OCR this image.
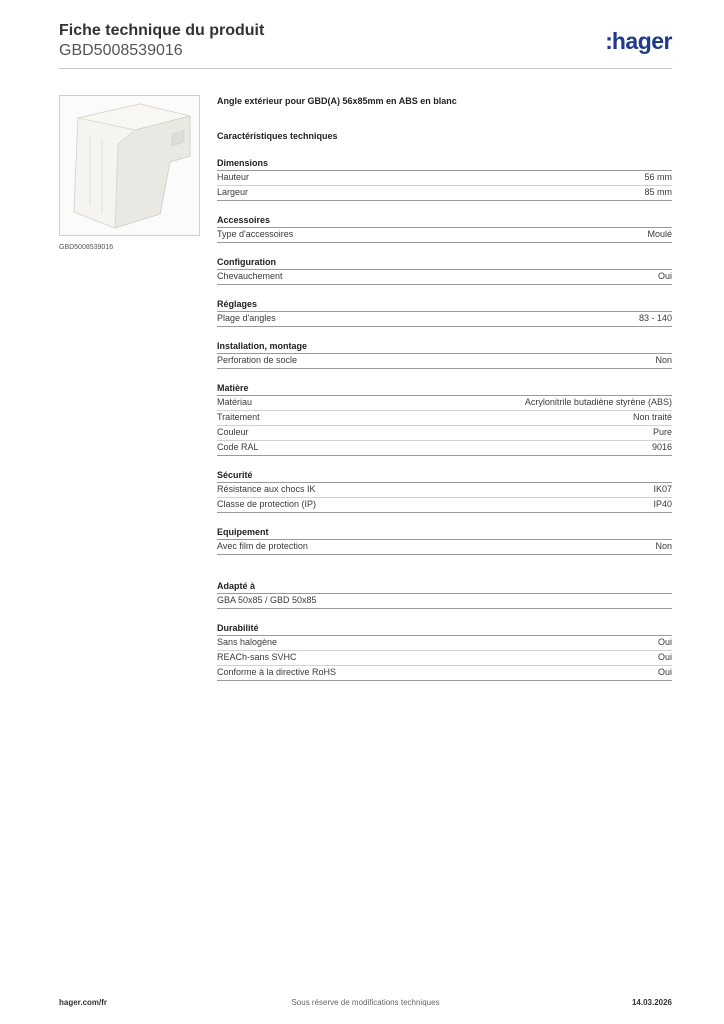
Fiche technique du produit
GBD5008539016	:hager
GBD5008539016
Angle extérieur pour GBD(A) 56x85mm en ABS en blanc
Caractéristiques techniques
Dimensions
Hauteur	56 mm
Largeur	85 mm
Accessoires
Type d'accessoires	Moulé
Configuration
Chevauchement	Oui
Réglages
Plage d'angles	83 - 140
Installation, montage
Perforation de socle	Non
Matière
Matériau	Acrylonitrile butadiène styrène (ABS)
Traitement	Non traité
Couleur	Pure
Code RAL	9016
Sécurité
Résistance aux chocs IK	IK07
Classe de protection (IP)	IP40
Equipement
Avec film de protection	Non
Adapté à
GBA 50x85 / GBD 50x85
Durabilité
Sans halogène	Oui
REACh-sans SVHC	Oui
Conforme à la directive RoHS	Oui
hager.com/fr	Sous réserve de modifications techniques	14.03.2026
